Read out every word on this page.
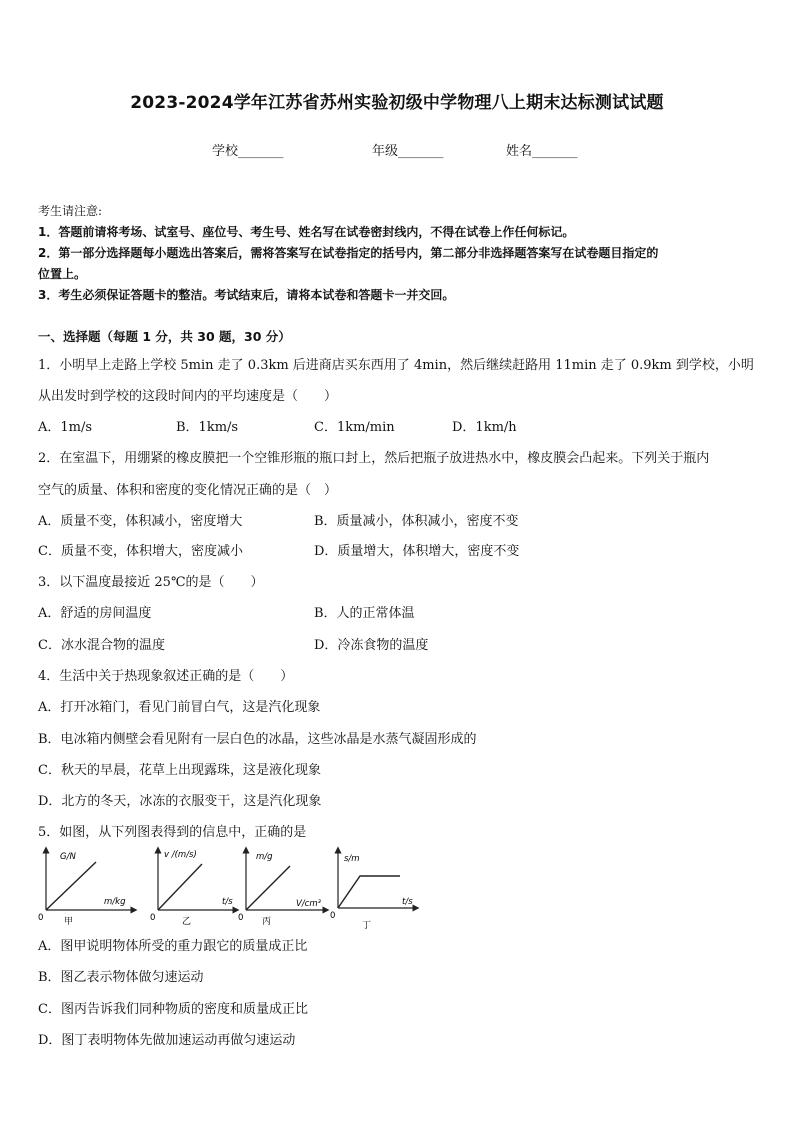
2023-2024学年江苏省苏州实验初级中学物理八上期末达标测试试题
学校_______	年级_______	姓名_______
考生请注意:
1．答题前请将考场、试室号、座位号、考生号、姓名写在试卷密封线内，不得在试卷上作任何标记。
2．第一部分选择题每小题选出答案后，需将答案写在试卷指定的括号内，第二部分非选择题答案写在试卷题目指定的
位置上。
3．考生必须保证答题卡的整洁。考试结束后，请将本试卷和答题卡一并交回。
一、选择题（每题 1 分，共 30 题，30 分）
1．小明早上走路上学校 5min 走了 0.3km 后进商店买东西用了 4min，然后继续赶路用 11min 走了 0.9km 到学校，小明
从出发时到学校的这段时间内的平均速度是（　　）
A．1m/s	B．1km/s	C．1km/min	D．1km/h
2．在室温下，用绷紧的橡皮膜把一个空锥形瓶的瓶口封上，然后把瓶子放进热水中，橡皮膜会凸起来。下列关于瓶内
空气的质量、体积和密度的变化情况正确的是（　）
A．质量不变，体积减小，密度增大	B．质量减小，体积减小，密度不变
C．质量不变，体积增大，密度减小	D．质量增大，体积增大，密度不变
3．以下温度最接近 25℃的是（　　）
A．舒适的房间温度	B．人的正常体温
C．冰水混合物的温度	D．冷冻食物的温度
4．生活中关于热现象叙述正确的是（　　）
A．打开冰箱门，看见门前冒白气，这是汽化现象
B．电冰箱内侧壁会看见附有一层白色的冰晶，这些冰晶是水蒸气凝固形成的
C．秋天的早晨，花草上出现露珠，这是液化现象
D．北方的冬天，冰冻的衣服变干，这是汽化现象
5．如图，从下列图表得到的信息中，正确的是
G/N
m/kg
0 甲
v /(m/s)
t/s
0	乙
m/g
V/cm³
0 丙
s/m
t/s
0
丁
A．图甲说明物体所受的重力跟它的质量成正比
B．图乙表示物体做匀速运动
C．图丙告诉我们同种物质的密度和质量成正比
D．图丁表明物体先做加速运动再做匀速运动
